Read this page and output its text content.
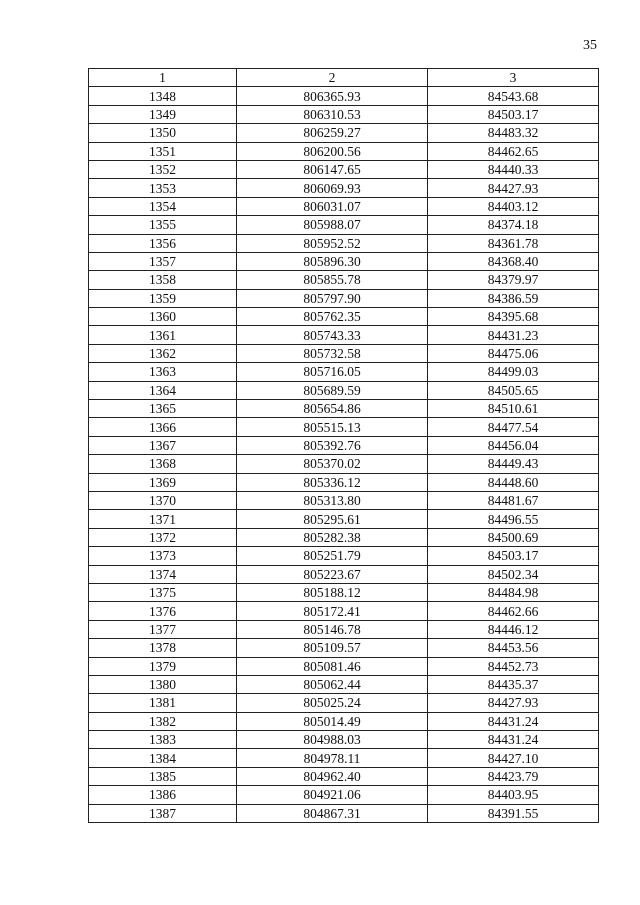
35
1	2	3
1348	806365.93	84543.68
1349	806310.53	84503.17
1350	806259.27	84483.32
1351	806200.56	84462.65
1352	806147.65	84440.33
1353	806069.93	84427.93
1354	806031.07	84403.12
1355	805988.07	84374.18
1356	805952.52	84361.78
1357	805896.30	84368.40
1358	805855.78	84379.97
1359	805797.90	84386.59
1360	805762.35	84395.68
1361	805743.33	84431.23
1362	805732.58	84475.06
1363	805716.05	84499.03
1364	805689.59	84505.65
1365	805654.86	84510.61
1366	805515.13	84477.54
1367	805392.76	84456.04
1368	805370.02	84449.43
1369	805336.12	84448.60
1370	805313.80	84481.67
1371	805295.61	84496.55
1372	805282.38	84500.69
1373	805251.79	84503.17
1374	805223.67	84502.34
1375	805188.12	84484.98
1376	805172.41	84462.66
1377	805146.78	84446.12
1378	805109.57	84453.56
1379	805081.46	84452.73
1380	805062.44	84435.37
1381	805025.24	84427.93
1382	805014.49	84431.24
1383	804988.03	84431.24
1384	804978.11	84427.10
1385	804962.40	84423.79
1386	804921.06	84403.95
1387	804867.31	84391.55
